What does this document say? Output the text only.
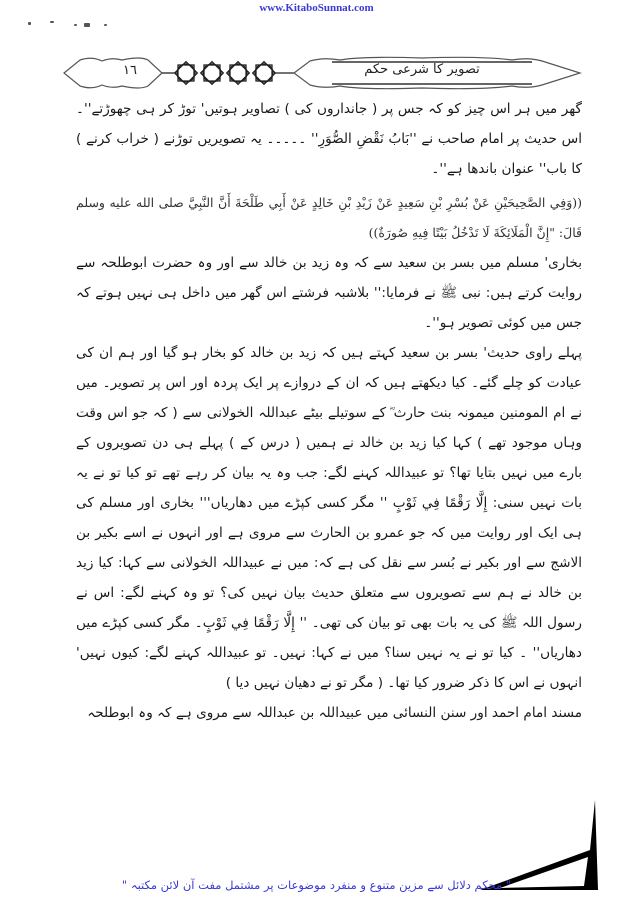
www.KitaboSunnat.com
١٦	تصویر کا شرعی حکم

گھر میں ہر اس چیز کو کہ جس پر ( جانداروں کی ) تصاویر ہوتیں' توڑ کر ہی چھوڑتے''۔ اس حدیث پر امام صاحب نے ''بَابُ نَقْضِ الصُّوَرِ'' ۔۔۔۔۔ یہ تصویریں توڑنے ( خراب کرنے ) کا باب'' عنوان باندھا ہے''۔

((وَفِي الصَّحِيحَيْنِ عَنْ بُسْرِ بْنِ سَعِيدٍ عَنْ زَيْدِ بْنِ خَالِدٍ عَنْ أَبِي طَلْحَةَ أَنَّ النَّبِيَّ صلى الله عليه وسلم قَالَ: "إِنَّ الْمَلَائِكَةَ لَا تَدْخُلُ بَيْتًا فِيهِ صُورَةٌ))

بخاری' مسلم میں بسر بن سعید سے کہ وہ زید بن خالد سے اور وہ حضرت ابوطلحہ سے روایت کرتے ہیں: نبی ﷺ نے فرمایا:'' بلاشبہ فرشتے اس گھر میں داخل ہی نہیں ہوتے کہ جس میں کوئی تصویر ہو''۔

پہلے راوی حدیث' بسر بن سعید کہتے ہیں کہ زید بن خالد کو بخار ہو گیا اور ہم ان کی عیادت کو چلے گئے۔ کیا دیکھتے ہیں کہ ان کے دروازے پر ایک پردہ اور اس پر تصویر۔ میں نے ام المومنین میمونہ بنت حارث ؓ کے سوتیلے بیٹے عبداللہ الخولانی سے ( کہ جو اس وقت وہاں موجود تھے ) کہا کیا زید بن خالد نے ہمیں ( درس کے ) پہلے ہی دن تصویروں کے بارے میں نہیں بتایا تھا؟ تو عبیداللہ کہنے لگے: جب وہ یہ بیان کر رہے تھے تو کیا تو نے یہ بات نہیں سنی: إِلَّا رَقْمًا فِي ثَوْبٍ '' مگر کسی کپڑے میں دھاریاں''' بخاری اور مسلم کی ہی ایک اور روایت میں کہ جو عمرو بن الحارث سے مروی ہے اور انہوں نے اسے بکیر بن الاشج سے اور بکیر نے بُسر سے نقل کی ہے کہ: میں نے عبیداللہ الخولانی سے کہا: کیا زید بن خالد نے ہم سے تصویروں سے متعلق حدیث بیان نہیں کی؟ تو وہ کہنے لگے: اس نے رسول اللہ ﷺ کی یہ بات بھی تو بیان کی تھی۔ '' إِلَّا رَقْمًا فِي ثَوْبٍ۔ مگر کسی کپڑے میں دھاریاں'' ۔ کیا تو نے یہ نہیں سنا؟ میں نے کہا: نہیں۔ تو عبیداللہ کہنے لگے: کیوں نہیں' انہوں نے اس کا ذکر ضرور کیا تھا۔ ( مگر تو نے دھیان نہیں دیا )

مسند امام احمد اور سنن النسائی میں عبیداللہ بن عبداللہ سے مروی ہے کہ وہ ابوطلحہ

" محکم دلائل سے مزین متنوع و منفرد موضوعات پر مشتمل مفت آن لائن مکتبہ "
